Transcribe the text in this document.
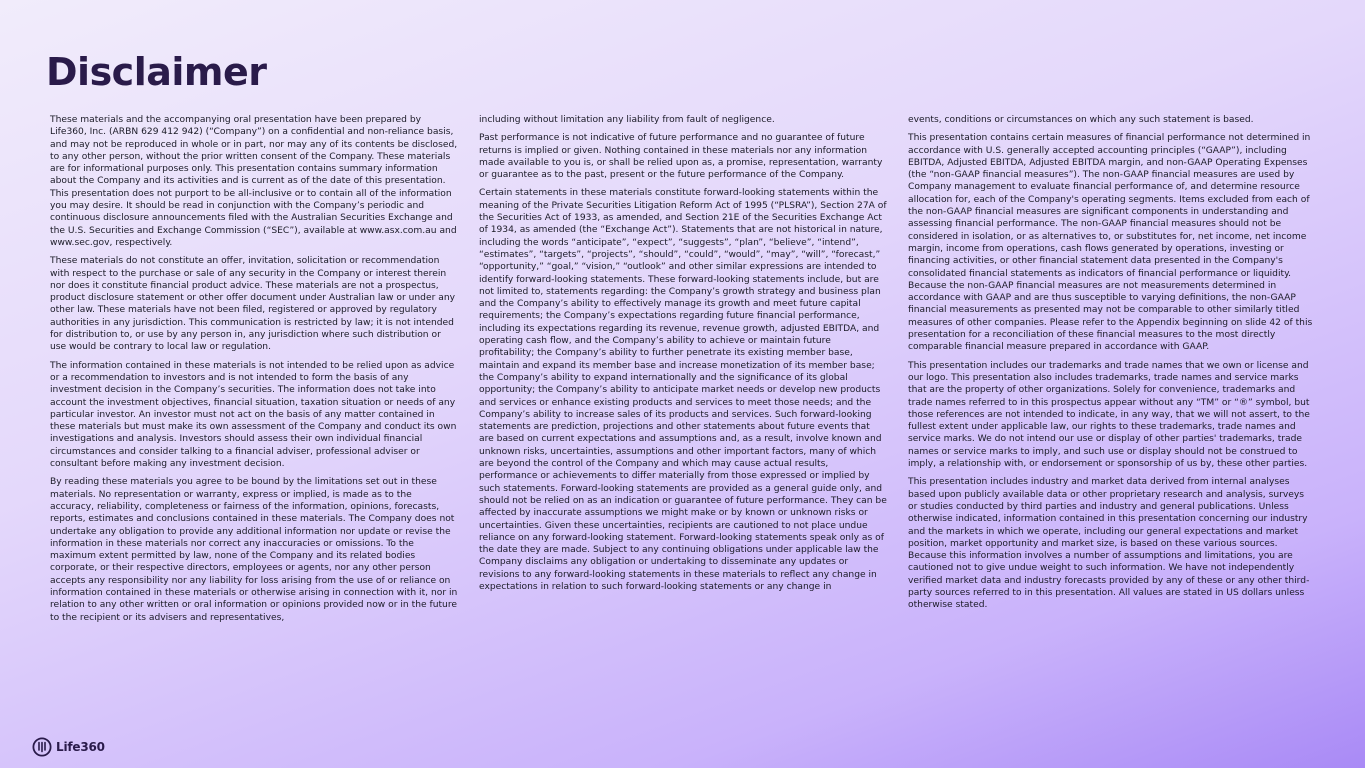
Disclaimer

These materials and the accompanying oral presentation have been prepared by Life360, Inc. (ARBN 629 412 942) (“Company”) on a confidential and non-reliance basis, and may not be reproduced in whole or in part, nor may any of its contents be disclosed, to any other person, without the prior written consent of the Company. These materials are for informational purposes only. This presentation contains summary information about the Company and its activities and is current as of the date of this presentation. This presentation does not purport to be all-inclusive or to contain all of the information you may desire. It should be read in conjunction with the Company’s periodic and continuous disclosure announcements filed with the Australian Securities Exchange and the U.S. Securities and Exchange Commission (“SEC”), available at www.asx.com.au and www.sec.gov, respectively.

These materials do not constitute an offer, invitation, solicitation or recommendation with respect to the purchase or sale of any security in the Company or interest therein nor does it constitute financial product advice. These materials are not a prospectus, product disclosure statement or other offer document under Australian law or under any other law. These materials have not been filed, registered or approved by regulatory authorities in any jurisdiction. This communication is restricted by law; it is not intended for distribution to, or use by any person in, any jurisdiction where such distribution or use would be contrary to local law or regulation.

The information contained in these materials is not intended to be relied upon as advice or a recommendation to investors and is not intended to form the basis of any investment decision in the Company’s securities. The information does not take into account the investment objectives, financial situation, taxation situation or needs of any particular investor. An investor must not act on the basis of any matter contained in these materials but must make its own assessment of the Company and conduct its own investigations and analysis. Investors should assess their own individual financial circumstances and consider talking to a financial adviser, professional adviser or consultant before making any investment decision.

By reading these materials you agree to be bound by the limitations set out in these materials. No representation or warranty, express or implied, is made as to the accuracy, reliability, completeness or fairness of the information, opinions, forecasts, reports, estimates and conclusions contained in these materials. The Company does not undertake any obligation to provide any additional information nor update or revise the information in these materials nor correct any inaccuracies or omissions. To the maximum extent permitted by law, none of the Company and its related bodies corporate, or their respective directors, employees or agents, nor any other person accepts any responsibility nor any liability for loss arising from the use of or reliance on information contained in these materials or otherwise arising in connection with it, nor in relation to any other written or oral information or opinions provided now or in the future to the recipient or its advisers and representatives,

including without limitation any liability from fault of negligence.

Past performance is not indicative of future performance and no guarantee of future returns is implied or given. Nothing contained in these materials nor any information made available to you is, or shall be relied upon as, a promise, representation, warranty or guarantee as to the past, present or the future performance of the Company.

Certain statements in these materials constitute forward-looking statements within the meaning of the Private Securities Litigation Reform Act of 1995 (“PLSRA”), Section 27A of the Securities Act of 1933, as amended, and Section 21E of the Securities Exchange Act of 1934, as amended (the “Exchange Act”). Statements that are not historical in nature, including the words “anticipate”, “expect”, “suggests”, “plan”, “believe”, “intend”, “estimates”, “targets”, “projects”, “should”, “could”, “would”, “may”, “will”, “forecast,” “opportunity,” “goal,” “vision,” “outlook” and other similar expressions are intended to identify forward-looking statements. These forward-looking statements include, but are not limited to, statements regarding: the Company’s growth strategy and business plan and the Company’s ability to effectively manage its growth and meet future capital requirements; the Company’s expectations regarding future financial performance, including its expectations regarding its revenue, revenue growth, adjusted EBITDA, and operating cash flow, and the Company’s ability to achieve or maintain future profitability; the Company’s ability to further penetrate its existing member base, maintain and expand its member base and increase monetization of its member base; the Company’s ability to expand internationally and the significance of its global opportunity; the Company’s ability to anticipate market needs or develop new products and services or enhance existing products and services to meet those needs; and the Company’s ability to increase sales of its products and services. Such forward-looking statements are prediction, projections and other statements about future events that are based on current expectations and assumptions and, as a result, involve known and unknown risks, uncertainties, assumptions and other important factors, many of which are beyond the control of the Company and which may cause actual results, performance or achievements to differ materially from those expressed or implied by such statements. Forward-looking statements are provided as a general guide only, and should not be relied on as an indication or guarantee of future performance. They can be affected by inaccurate assumptions we might make or by known or unknown risks or uncertainties. Given these uncertainties, recipients are cautioned to not place undue reliance on any forward-looking statement. Forward-looking statements speak only as of the date they are made. Subject to any continuing obligations under applicable law the Company disclaims any obligation or undertaking to disseminate any updates or revisions to any forward-looking statements in these materials to reflect any change in expectations in relation to such forward-looking statements or any change in

events, conditions or circumstances on which any such statement is based.

This presentation contains certain measures of financial performance not determined in accordance with U.S. generally accepted accounting principles (“GAAP”), including EBITDA, Adjusted EBITDA, Adjusted EBITDA margin, and non-GAAP Operating Expenses (the “non-GAAP financial measures”). The non-GAAP financial measures are used by Company management to evaluate financial performance of, and determine resource allocation for, each of the Company's operating segments. Items excluded from each of the non-GAAP financial measures are significant components in understanding and assessing financial performance. The non-GAAP financial measures should not be considered in isolation, or as alternatives to, or substitutes for, net income, net income margin, income from operations, cash flows generated by operations, investing or financing activities, or other financial statement data presented in the Company's consolidated financial statements as indicators of financial performance or liquidity. Because the non-GAAP financial measures are not measurements determined in accordance with GAAP and are thus susceptible to varying definitions, the non-GAAP financial measurements as presented may not be comparable to other similarly titled measures of other companies. Please refer to the Appendix beginning on slide 42 of this presentation for a reconciliation of these financial measures to the most directly comparable financial measure prepared in accordance with GAAP.

This presentation includes our trademarks and trade names that we own or license and our logo. This presentation also includes trademarks, trade names and service marks that are the property of other organizations. Solely for convenience, trademarks and trade names referred to in this prospectus appear without any “TM” or “®” symbol, but those references are not intended to indicate, in any way, that we will not assert, to the fullest extent under applicable law, our rights to these trademarks, trade names and service marks. We do not intend our use or display of other parties' trademarks, trade names or service marks to imply, and such use or display should not be construed to imply, a relationship with, or endorsement or sponsorship of us by, these other parties.

This presentation includes industry and market data derived from internal analyses based upon publicly available data or other proprietary research and analysis, surveys or studies conducted by third parties and industry and general publications. Unless otherwise indicated, information contained in this presentation concerning our industry and the markets in which we operate, including our general expectations and market position, market opportunity and market size, is based on these various sources. Because this information involves a number of assumptions and limitations, you are cautioned not to give undue weight to such information. We have not independently verified market data and industry forecasts provided by any of these or any other third-party sources referred to in this presentation. All values are stated in US dollars unless otherwise stated.

Life360
